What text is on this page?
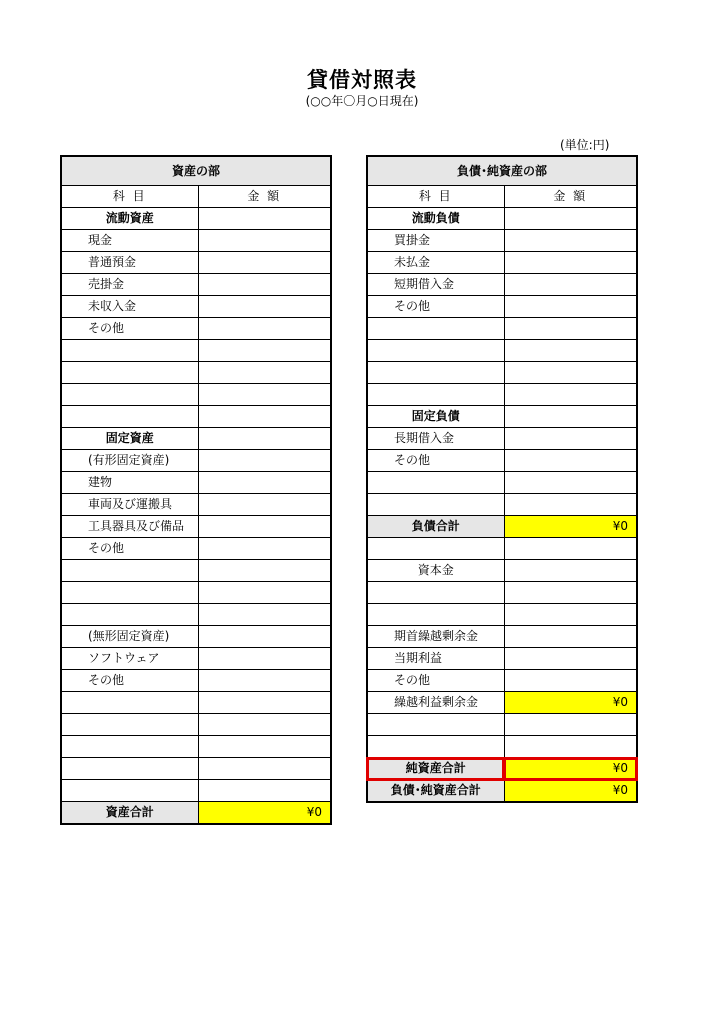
貸借対照表
(○○年〇月○日現在)
(単位:円)
資産の部	
科 目	金 額
流動資産	
現金	
普通預金	
売掛金	
未収入金	
その他	

固定資産	
(有形固定資産)	
建物	
車両及び運搬具	
工具器具及び備品	
その他	

(無形固定資産)	
ソフトウェア	
その他	

資産合計	¥0
負債･純資産の部	
科 目	金 額
流動負債	
買掛金	
未払金	
短期借入金	
その他	

固定負債	
長期借入金	
その他	

負債合計	¥0

資本金	

期首繰越剰余金	
当期利益	
その他	
繰越利益剰余金	¥0

純資産合計	¥0
負債･純資産合計	¥0
